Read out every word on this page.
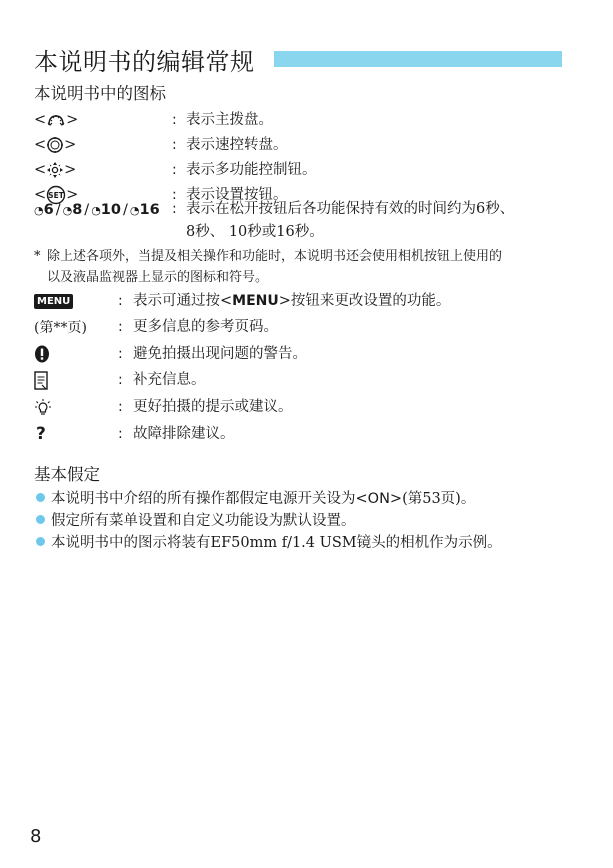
本说明书的编辑常规
本说明书中的图标
< >	: 表示主拨盘。
< >	: 表示速控转盘。
< >	: 表示多功能控制钮。
< SET >	: 表示设置按钮。
◔6 / ◔8 / ◔10 / ◔16 : 表示在松开按钮后各功能保持有效的时间约为6秒、
8秒、 10秒或16秒。
* 除上述各项外，当提及相关操作和功能时，本说明书还会使用相机按钮上使用的
以及液晶监视器上显示的图标和符号。
MENU	: 表示可通过按<MENU>按钮来更改设置的功能。
(第**页) : 更多信息的参考页码。
: 避免拍摄出现问题的警告。
: 补充信息。
: 更好拍摄的提示或建议。
?	: 故障排除建议。
基本假定
本说明书中介绍的所有操作都假定电源开关设为<ON>(第53页)。
假定所有菜单设置和自定义功能设为默认设置。
本说明书中的图示将装有EF50mm f/1.4 USM镜头的相机作为示例。
8
